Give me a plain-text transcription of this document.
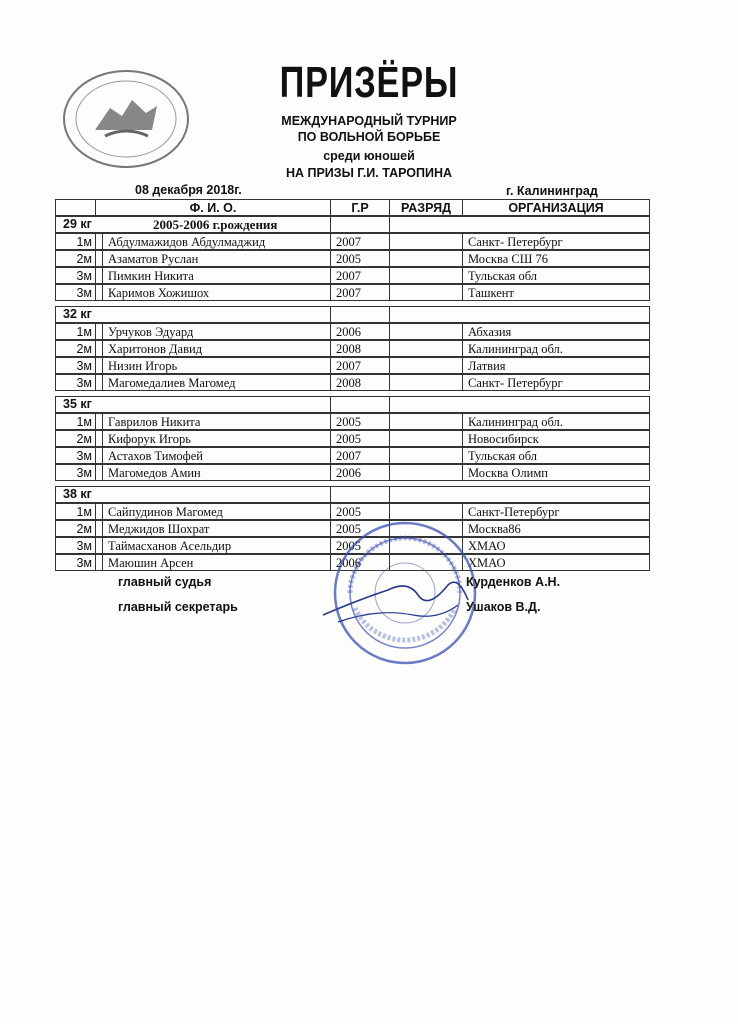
ПРИЗЁРЫ
МЕЖДУНАРОДНЫЙ ТУРНИР
ПО ВОЛЬНОЙ БОРЬБЕ
среди юношей
НА ПРИЗЫ Г.И. ТАРОПИНА
08 декабря 2018г.	г. Калининград
Ф. И. О.	Г.Р	РАЗРЯД	ОРГАНИЗАЦИЯ
29 кг	2005-2006 г.рождения
1м	Абдулмажидов Абдулмаджид	2007	Санкт- Петербург
2м	Азаматов Руслан	2005	Москва СШ 76
3м	Пимкин Никита	2007	Тульская обл
3м	Каримов Хожишох	2007	Ташкент
32 кг
1м	Урчуков Эдуард	2006	Абхазия
2м	Харитонов Давид	2008	Калининград обл.
3м	Низин Игорь	2007	Латвия
3м	Магомедалиев Магомед	2008	Санкт- Петербург
35 кг
1м	Гаврилов Никита	2005	Калининград обл.
2м	Кифорук Игорь	2005	Новосибирск
3м	Астахов Тимофей	2007	Тульская обл
3м	Магомедов Амин	2006	Москва Олимп
38 кг
1м	Сайпудинов Магомед	2005	Санкт-Петербург
2м	Меджидов Шохрат	2005	Москва86
3м	Таймасханов Асельдир	2005	ХМАО
3м	Маюшин Арсен	2006	ХМАО
главный судья	Курденков А.Н.
главный секретарь	Ушаков В.Д.
